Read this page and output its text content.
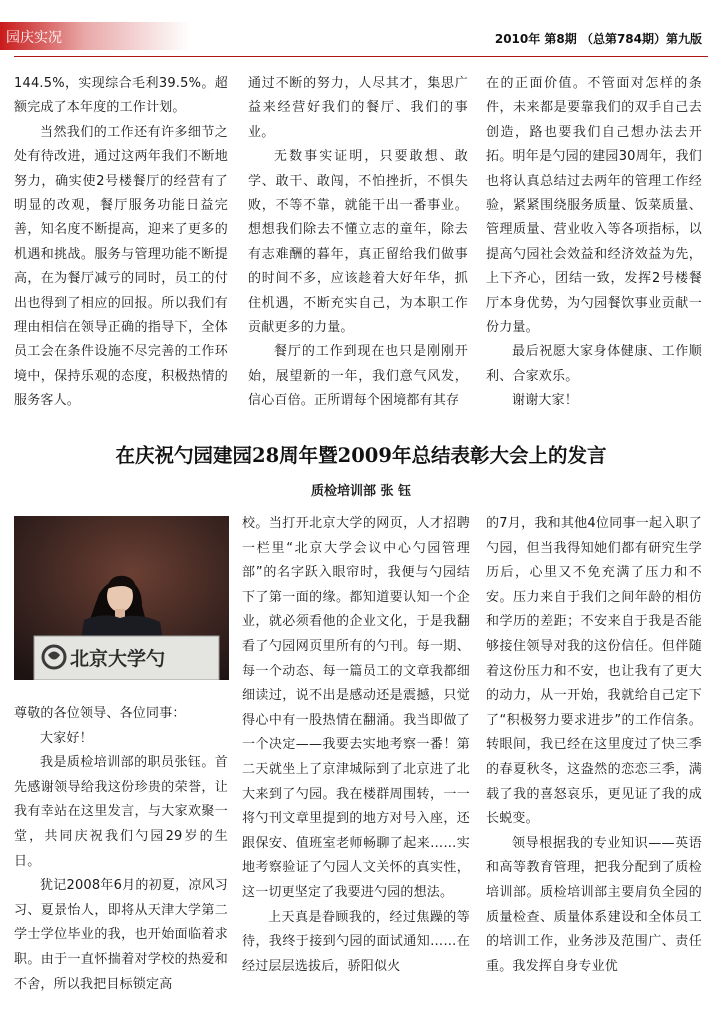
园庆实况	2010年 第8期 （总第784期）第九版

144.5%，实现综合毛利39.5%。超额完成了本年度的工作计划。

当然我们的工作还有许多细节之处有待改进，通过这两年我们不断地努力，确实使2号楼餐厅的经营有了明显的改观，餐厅服务功能日益完善，知名度不断提高，迎来了更多的机遇和挑战。服务与管理功能不断提高，在为餐厅减亏的同时，员工的付出也得到了相应的回报。所以我们有理由相信在领导正确的指导下，全体员工会在条件设施不尽完善的工作环境中，保持乐观的态度，积极热情的服务客人。

通过不断的努力，人尽其才，集思广益来经营好我们的餐厅、我们的事业。

无数事实证明，只要敢想、敢学、敢干、敢闯，不怕挫折，不惧失败，不等不靠，就能干出一番事业。想想我们除去不懂立志的童年，除去有志难酬的暮年，真正留给我们做事的时间不多，应该趁着大好年华，抓住机遇，不断充实自己，为本职工作贡献更多的力量。

餐厅的工作到现在也只是刚刚开始，展望新的一年，我们意气风发，信心百倍。正所谓每个困境都有其存

在的正面价值。不管面对怎样的条件，未来都是要靠我们的双手自己去创造，路也要我们自己想办法去开拓。明年是勺园的建园30周年，我们也将认真总结过去两年的管理工作经验，紧紧围绕服务质量、饭菜质量、管理质量、营业收入等各项指标，以提高勺园社会效益和经济效益为先，上下齐心，团结一致，发挥2号楼餐厅本身优势，为勺园餐饮事业贡献一份力量。

最后祝愿大家身体健康、工作顺利、合家欢乐。

谢谢大家！

在庆祝勺园建园28周年暨2009年总结表彰大会上的发言
质检培训部 张 钰
北京大学勺

尊敬的各位领导、各位同事：

大家好！

我是质检培训部的职员张钰。首先感谢领导给我这份珍贵的荣誉，让我有幸站在这里发言，与大家欢聚一堂，共同庆祝我们勺园29岁的生日。

犹记2008年6月的初夏，凉风习习、夏景怡人，即将从天津大学第二学士学位毕业的我，也开始面临着求职。由于一直怀揣着对学校的热爱和不舍，所以我把目标锁定高

校。当打开北京大学的网页，人才招聘一栏里“北京大学会议中心勺园管理部”的名字跃入眼帘时，我便与勺园结下了第一面的缘。都知道要认知一个企业，就必须看他的企业文化，于是我翻看了勺园网页里所有的勺刊。每一期、每一个动态、每一篇员工的文章我都细细读过，说不出是感动还是震撼，只觉得心中有一股热情在翻涌。我当即做了一个决定——我要去实地考察一番！第二天就坐上了京津城际到了北京进了北大来到了勺园。我在楼群周围转，一一将勺刊文章里提到的地方对号入座，还跟保安、值班室老师畅聊了起来……实地考察验证了勺园人文关怀的真实性，这一切更坚定了我要进勺园的想法。

上天真是眷顾我的，经过焦躁的等待，我终于接到勺园的面试通知……在经过层层选拔后，骄阳似火

的7月，我和其他4位同事一起入职了勺园，但当我得知她们都有研究生学历后，心里又不免充满了压力和不安。压力来自于我们之间年龄的相仿和学历的差距；不安来自于我是否能够接住领导对我的这份信任。但伴随着这份压力和不安，也让我有了更大的动力，从一开始，我就给自己定下了“积极努力要求进步”的工作信条。转眼间，我已经在这里度过了快三季的春夏秋冬，这盎然的恋恋三季，满载了我的喜怒哀乐，更见证了我的成长蜕变。

领导根据我的专业知识——英语和高等教育管理，把我分配到了质检培训部。质检培训部主要肩负全园的质量检查、质量体系建设和全体员工的培训工作，业务涉及范围广、责任重。我发挥自身专业优
